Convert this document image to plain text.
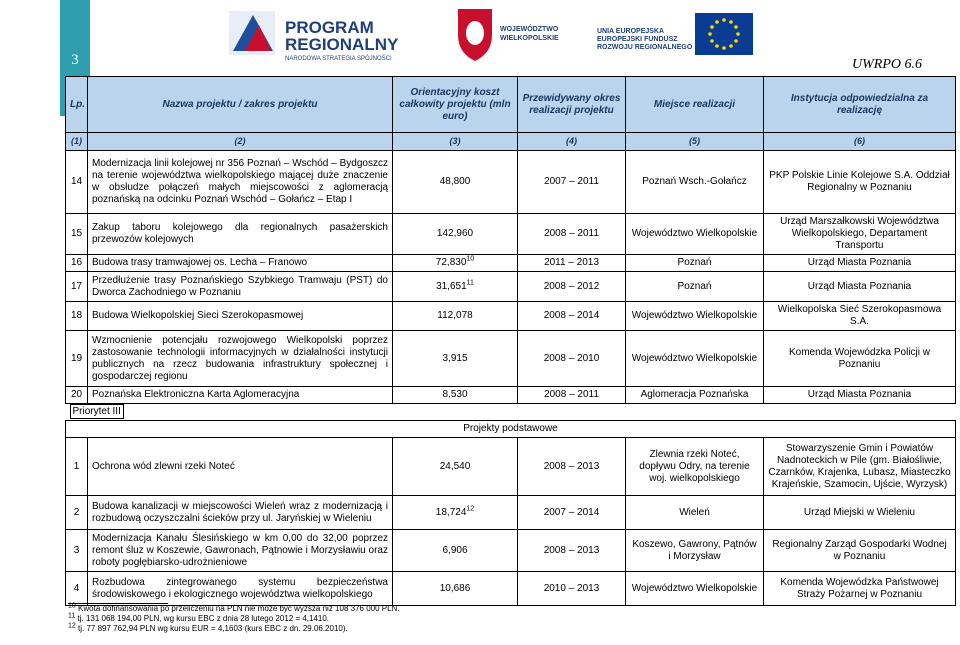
3
PROGRAM
REGIONALNY
NARODOWA STRATEGIA SPÓJNOŚCI
WOJEWÓDZTWO
WIELKOPOLSKIE
UNIA EUROPEJSKA
EUROPEJSKI FUNDUSZ
ROZWOJU REGIONALNEGO
UWRPO 6.6
Lp.	Nazwa projektu / zakres projektu	Orientacyjny koszt całkowity projektu (mln euro)	Przewidywany okres realizacji projektu	Miejsce realizacji	Instytucja odpowiedzialna za realizację
(1)	(2)	(3)	(4)	(5)	(6)
14	Modernizacja linii kolejowej nr 356 Poznań – Wschód – Bydgoszcz na terenie województwa wielkopolskiego mającej duże znaczenie w obsłudze połączeń małych miejscowości z aglomeracją poznańską na odcinku Poznań Wschód – Gołańcz – Etap I	48,800	2007 – 2011	Poznań Wsch.-Gołańcz	PKP Polskie Linie Kolejowe S.A. Oddział Regionalny w Poznaniu
15	Zakup taboru kolejowego dla regionalnych pasażerskich przewozów kolejowych	142,960	2008 – 2011	Województwo Wielkopolskie	Urząd Marszałkowski Województwa Wielkopolskiego, Departament Transportu
16	Budowa trasy tramwajowej os. Lecha – Franowo	72,830$^{10}$	2011 – 2013	Poznań	Urząd Miasta Poznania
17	Przedłużenie trasy Poznańskiego Szybkiego Tramwaju (PST) do Dworca Zachodniego w Poznaniu	31,651$^{11}$	2008 – 2012	Poznań	Urząd Miasta Poznania
18	Budowa Wielkopolskiej Sieci Szerokopasmowej	112,078	2008 – 2014	Województwo Wielkopolskie	Wielkopolska Sieć Szerokopasmowa S.A.
19	Wzmocnienie potencjału rozwojowego Wielkopolski poprzez zastosowanie technologii informacyjnych w działalności instytucji publicznych na rzecz budowania infrastruktury społecznej i gospodarczej regionu	3,915	2008 – 2010	Województwo Wielkopolskie	Komenda Wojewódzka Policji w Poznaniu
20	Poznańska Elektroniczna Karta Aglomeracyjna	8,530	2008 – 2011	Aglomeracja Poznańska	Urząd Miasta Poznania
Priorytet III					
Projekty podstawowe					
1	Ochrona wód zlewni rzeki Noteć	24,540	2008 – 2013	Zlewnia rzeki Noteć, dopływu Odry, na terenie woj. wielkopolskiego	Stowarzyszenie Gmin i Powiatów Nadnoteckich w Pile (gm. Białośliwie, Czarnków, Krajenka, Lubasz, Miasteczko Krajeńskie, Szamocin, Ujście, Wyrzysk)
2	Budowa kanalizacji w miejscowości Wieleń wraz z modernizacją i rozbudową oczyszczalni ścieków przy ul. Jaryńskiej w Wieleniu	18,724$^{12}$	2007 – 2014	Wieleń	Urząd Miejski w Wieleniu
3	Modernizacja Kanału Ślesińskiego w km 0,00 do 32,00 poprzez remont śluz w Koszewie, Gawronach, Pątnowie i Morzysławiu oraz roboty pogłębiarsko-udrożnieniowe	6,906	2008 – 2013	Koszewo, Gawrony, Pątnów i Morzysław	Regionalny Zarząd Gospodarki Wodnej w Poznaniu
4	Rozbudowa zintegrowanego systemu bezpieczeństwa środowiskowego i ekologicznego województwa wielkopolskiego	10,686	2010 – 2013	Województwo Wielkopolskie	Komenda Wojewódzka Państwowej Straży Pożarnej w Poznaniu
$^{10}$ Kwota dofinansowania po przeliczeniu na PLN nie może być wyższa niż 108 376 000 PLN.
$^{11}$ tj. 131 068 194,00 PLN, wg kursu EBC z dnia 28 lutego 2012 = 4,1410.
$^{12}$ tj. 77 897 762,94 PLN wg kursu EUR = 4,1603 (kurs EBC z dn. 29.06.2010).
